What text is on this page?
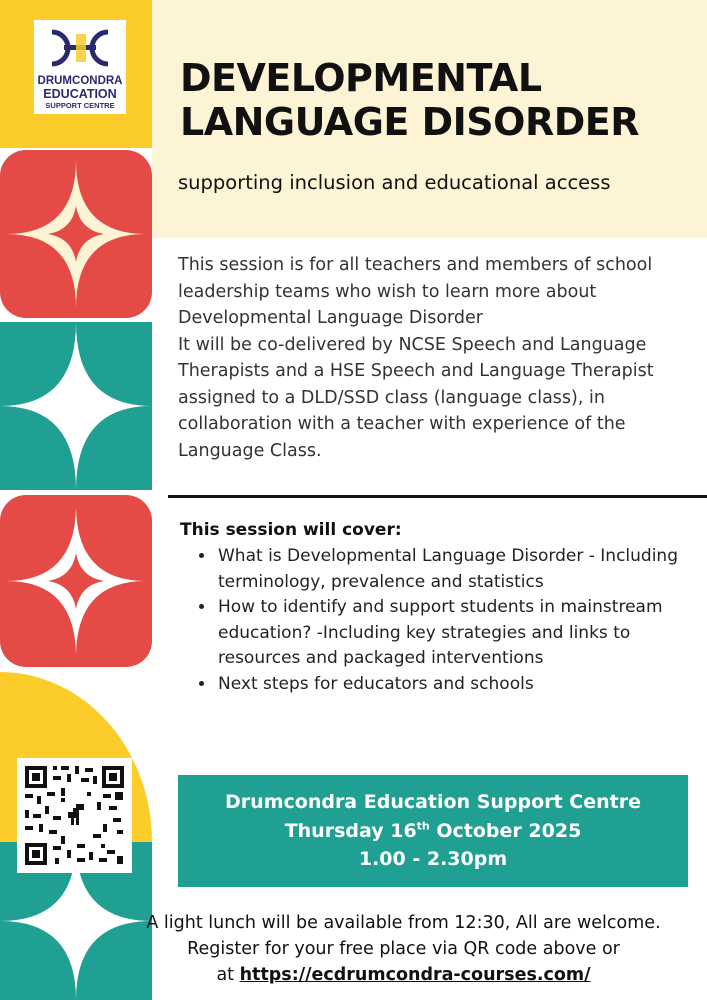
DRUMCONDRA
EDUCATION
SUPPORT CENTRE
DEVELOPMENTAL
LANGUAGE DISORDER
supporting inclusion and educational access

This session is for all teachers and members of school leadership teams who wish to learn more about Developmental Language Disorder

It will be co-delivered by NCSE Speech and Language Therapists and a HSE Speech and Language Therapist assigned to a DLD/SSD class (language class), in collaboration with a teacher with experience of the Language Class.

This session will cover:
• What is Developmental Language Disorder - Including terminology, prevalence and statistics
• How to identify and support students in mainstream education? -Including key strategies and links to resources and packaged interventions
• Next steps for educators and schools
Drumcondra Education Support Centre
Thursday 16th October 2025
1.00 - 2.30pm
A light lunch will be available from 12:30, All are welcome.
Register for your free place via QR code above or
at https://ecdrumcondra-courses.com/
